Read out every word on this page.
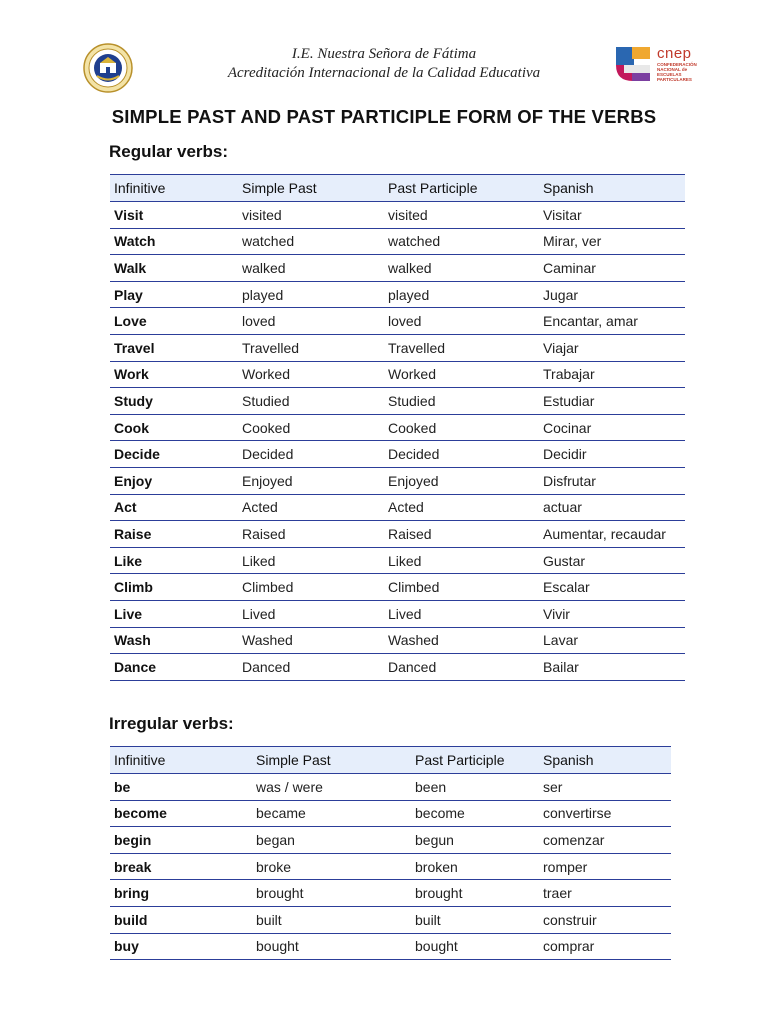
I.E. Nuestra Señora de Fátima
Acreditación Internacional de la Calidad Educativa
cnep
CONFEDERACIÓN NACIONAL de ESCUELAS PARTICULARES
SIMPLE PAST AND PAST PARTICIPLE FORM OF THE VERBS
Regular verbs:
Infinitive	Simple Past	Past Participle	Spanish
Visit	visited	visited	Visitar
Watch	watched	watched	Mirar, ver
Walk	walked	walked	Caminar
Play	played	played	Jugar
Love	loved	loved	Encantar, amar
Travel	Travelled	Travelled	Viajar
Work	Worked	Worked	Trabajar
Study	Studied	Studied	Estudiar
Cook	Cooked	Cooked	Cocinar
Decide	Decided	Decided	Decidir
Enjoy	Enjoyed	Enjoyed	Disfrutar
Act	Acted	Acted	actuar
Raise	Raised	Raised	Aumentar, recaudar
Like	Liked	Liked	Gustar
Climb	Climbed	Climbed	Escalar
Live	Lived	Lived	Vivir
Wash	Washed	Washed	Lavar
Dance	Danced	Danced	Bailar
Irregular verbs:
Infinitive	Simple Past	Past Participle	Spanish
be	was / were	been	ser
become	became	become	convertirse
begin	began	begun	comenzar
break	broke	broken	romper
bring	brought	brought	traer
build	built	built	construir
buy	bought	bought	comprar
